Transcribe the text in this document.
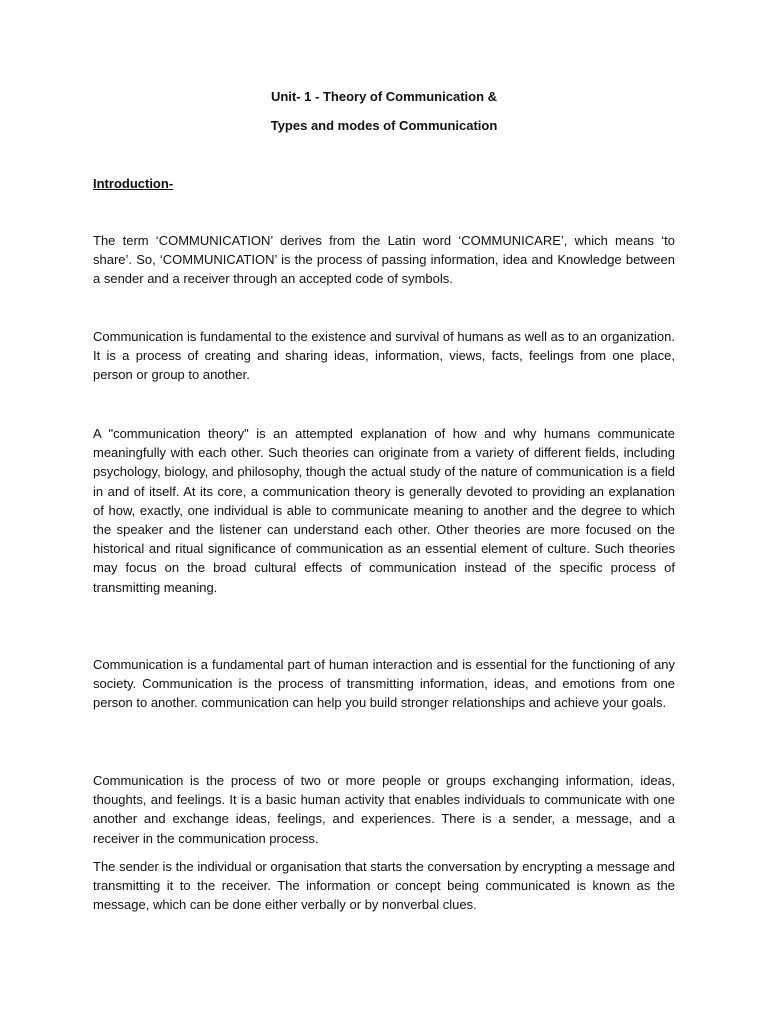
Unit- 1 - Theory of Communication &
Types and modes of Communication
Introduction-

The term ‘COMMUNICATION’ derives from the Latin word ‘COMMUNICARE’, which means ‘to share’. So, ‘COMMUNICATION’ is the process of passing information, idea and Knowledge between a sender and a receiver through an accepted code of symbols.

Communication is fundamental to the existence and survival of humans as well as to an organization. It is a process of creating and sharing ideas, information, views, facts, feelings from one place, person or group to another.

A "communication theory" is an attempted explanation of how and why humans communicate meaningfully with each other. Such theories can originate from a variety of different fields, including psychology, biology, and philosophy, though the actual study of the nature of communication is a field in and of itself. At its core, a communication theory is generally devoted to providing an explanation of how, exactly, one individual is able to communicate meaning to another and the degree to which the speaker and the listener can understand each other. Other theories are more focused on the historical and ritual significance of communication as an essential element of culture. Such theories may focus on the broad cultural effects of communication instead of the specific process of transmitting meaning.

Communication is a fundamental part of human interaction and is essential for the functioning of any society. Communication is the process of transmitting information, ideas, and emotions from one person to another. communication can help you build stronger relationships and achieve your goals.

Communication is the process of two or more people or groups exchanging information, ideas, thoughts, and feelings. It is a basic human activity that enables individuals to communicate with one another and exchange ideas, feelings, and experiences. There is a sender, a message, and a receiver in the communication process.

The sender is the individual or organisation that starts the conversation by encrypting a message and transmitting it to the receiver. The information or concept being communicated is known as the message, which can be done either verbally or by nonverbal clues.
